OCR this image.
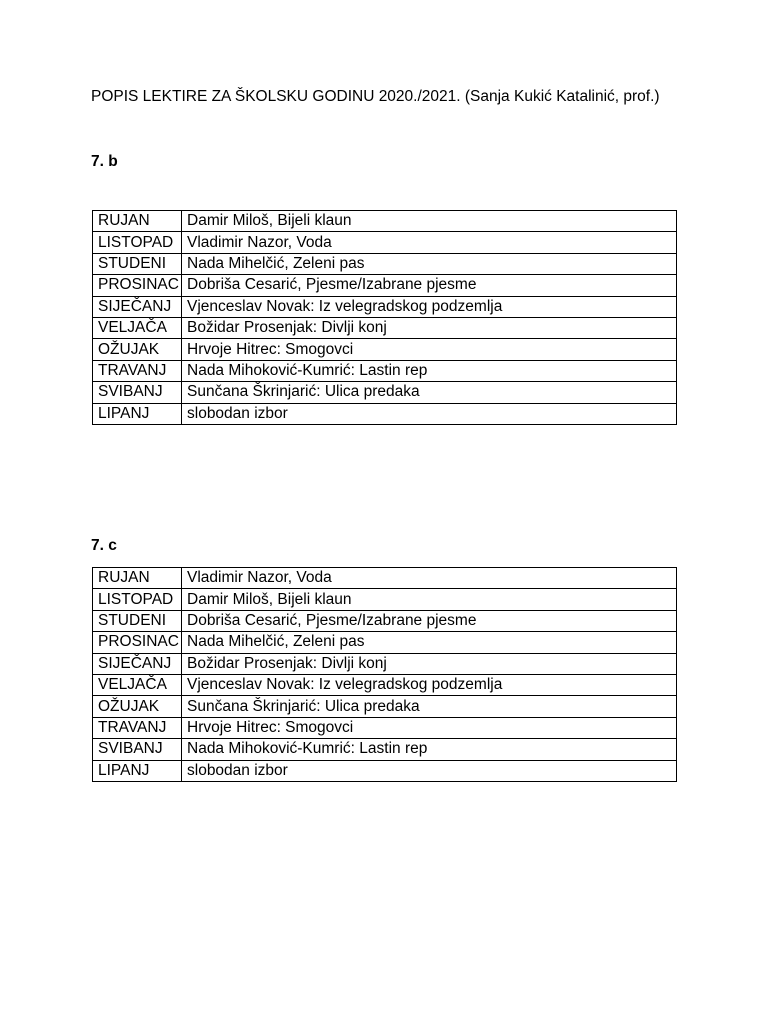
POPIS LEKTIRE ZA ŠKOLSKU GODINU 2020./2021. (Sanja Kukić Katalinić, prof.)
7. b
RUJAN	Damir Miloš, Bijeli klaun
LISTOPAD	Vladimir Nazor, Voda
STUDENI	Nada Mihelčić, Zeleni pas
PROSINAC	Dobriša Cesarić, Pjesme/Izabrane pjesme
SIJEČANJ	Vjenceslav Novak: Iz velegradskog podzemlja
VELJAČA	Božidar Prosenjak: Divlji konj
OŽUJAK	Hrvoje Hitrec: Smogovci
TRAVANJ	Nada Mihoković-Kumrić: Lastin rep
SVIBANJ	Sunčana Škrinjarić: Ulica predaka
LIPANJ	slobodan izbor
7. c
RUJAN	Vladimir Nazor, Voda
LISTOPAD	Damir Miloš, Bijeli klaun
STUDENI	Dobriša Cesarić, Pjesme/Izabrane pjesme
PROSINAC	Nada Mihelčić, Zeleni pas
SIJEČANJ	Božidar Prosenjak: Divlji konj
VELJAČA	Vjenceslav Novak: Iz velegradskog podzemlja
OŽUJAK	Sunčana Škrinjarić: Ulica predaka
TRAVANJ	Hrvoje Hitrec: Smogovci
SVIBANJ	Nada Mihoković-Kumrić: Lastin rep
LIPANJ	slobodan izbor
